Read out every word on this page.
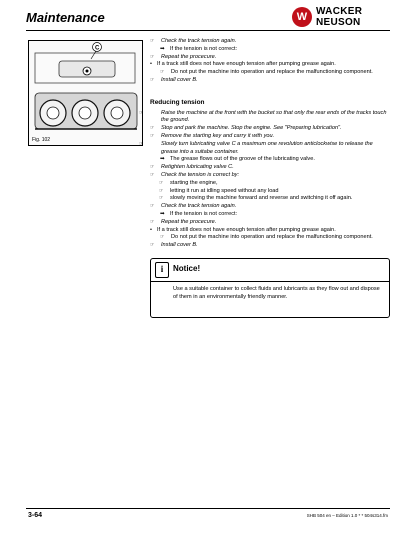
Maintenance	W WACKER NEUSON
C
Fig. 102
☞ Check the track tension again.
➡ If the tension is not correct:
☞ Repeat the procecure.
• If a track still does not have enough tension after pumping grease again.
☞ Do not put the machine into operation and replace the malfunctioning component.
☞ Install cover B.
Reducing tension
☞	Raise the machine at the front with the bucket so that only the rear ends of the tracks touch the ground.
☞ Stop and park the machine. Stop the engine. See "Preparing lubrication".
☞ Remove the starting key and carry it with you.
☞	Slowly turn lubricating valve C a maximum one revolution anticlockwise to release the grease into a suitabe container.
➡ The grease flows out of the groove of the lubricating valve.
☞ Retighten lubricating valve C.
☞ Check the tension is correct by:
☞ starting the engine,
☞ letting it run at idling speed without any load
☞ slowly moving the machine forward and reverse and switching it off again.
☞ Check the track tension again.
➡ If the tension is not correct:
☞ Repeat the procecure.
• If a track still does not have enough tension after pumping grease again.
☞ Do not put the machine into operation and replace the malfunctioning component.
☞ Install cover B.
i	Notice!
Use a suitable container to collect fluids and lubricants as they flow out and dispose of them in an environmentally friendly manner.
3-64	SHB 504 en – Edition 1.0 * * 504s314.fm
